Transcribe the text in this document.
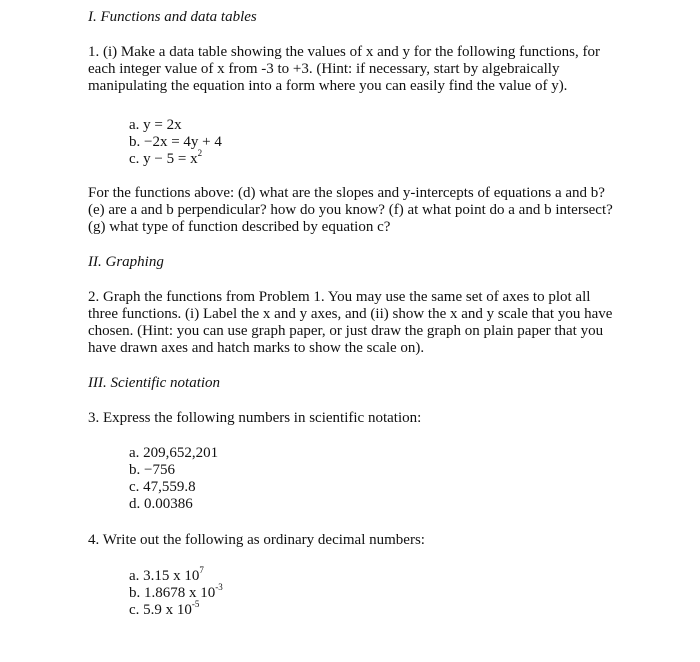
I. Functions and data tables
1. (i) Make a data table showing the values of x and y for the following functions, for
each integer value of x from -3 to +3. (Hint: if necessary, start by algebraically
manipulating the equation into a form where you can easily find the value of y).
a. y = 2x
b. −2x = 4y + 4
c. $y - 5 = x^2$
For the functions above: (d) what are the slopes and y-intercepts of equations a and b?
(e) are a and b perpendicular? how do you know? (f) at what point do a and b intersect?
(g) what type of function described by equation c?
II. Graphing
2. Graph the functions from Problem 1. You may use the same set of axes to plot all
three functions. (i) Label the x and y axes, and (ii) show the x and y scale that you have
chosen. (Hint: you can use graph paper, or just draw the graph on plain paper that you
have drawn axes and hatch marks to show the scale on).
III. Scientific notation
3. Express the following numbers in scientific notation:
a. 209,652,201
b. −756
c. 47,559.8
d. 0.00386
4. Write out the following as ordinary decimal numbers:
a. 3.15 x $10^7$
b. 1.8678 x $10^{-3}$
c. 5.9 x $10^{-5}$
